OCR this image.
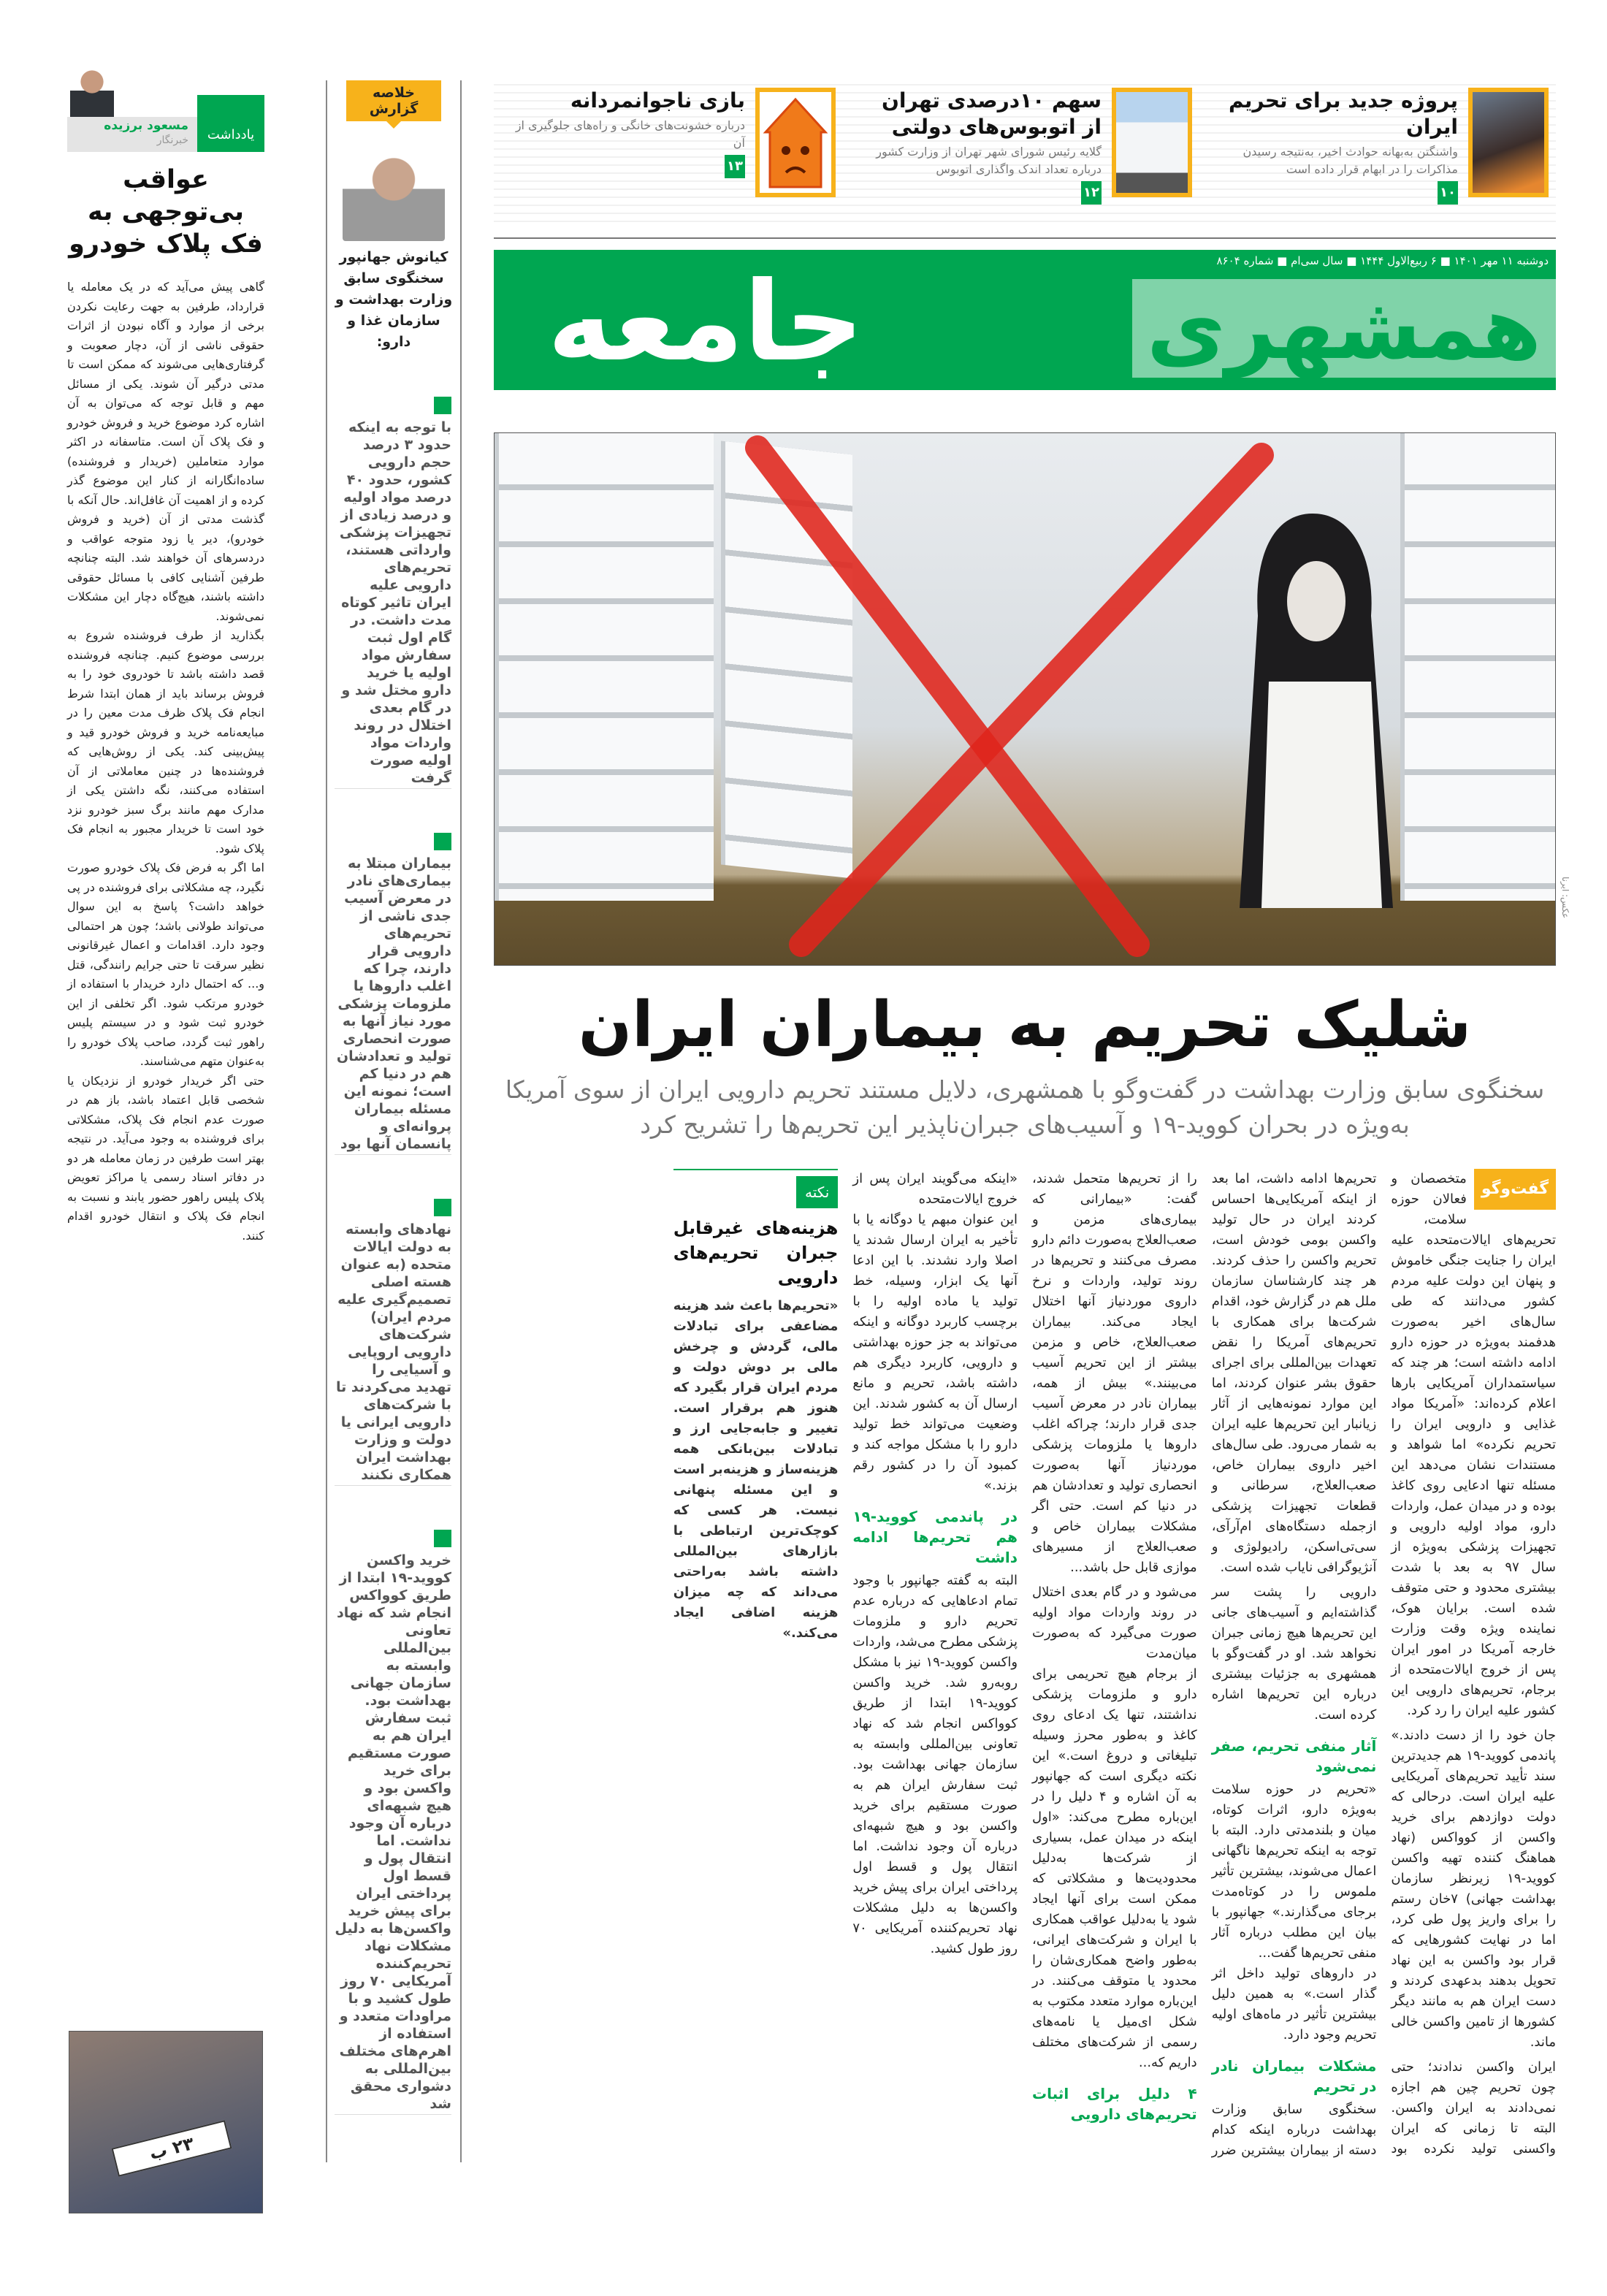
پروژه جدید برای تحریم ایران

واشنگتن به‌بهانه حوادث اخیر، به‌نتیجه رسیدن مذاکرات را در ابهام قرار داده است

۱۰
سهم ۱۰درصدی تهران از اتوبوس‌های دولتی

گلایه رئیس شورای شهر تهران از وزارت کشور درباره تعداد اندک واگذاری اتوبوس

۱۲
بازی ناجوانمردانه

درباره خشونت‌های خانگی و راه‌های جلوگیری از آن

۱۳
دوشنبه ۱۱ مهر ۱۴۰۱ ■ ۶ ربیع‌الاول ۱۴۴۴ ■ سال سی‌ام ■ شماره ۸۶۰۴
همشهری
جامعه
عکس: ایرنا
شلیک تحریم به بیماران ایران
سخنگوی سابق وزارت بهداشت در گفت‌وگو با همشهری، دلایل مستند تحریم دارویی ایران از سوی آمریکا به‌ویژه در بحران کووید-۱۹ و آسیب‌های جبران‌ناپذیر این تحریم‌ها را تشریح کرد
گفت‌وگو

متخصصان و فعالان حوزه سلامت، تحریم‌های ایالات‌متحده علیه ایران را جنایت جنگی خاموش و پنهان این دولت علیه مردم کشور می‌دانند که طی سال‌های اخیر به‌صورت هدفمند به‌ویژه در حوزه دارو ادامه داشته است؛ هر چند که سیاستمداران آمریکایی بارها اعلام کرده‌اند: «آمریکا مواد غذایی و دارویی ایران را تحریم نکرده» اما شواهد و مستندات نشان می‌دهد این مسئله تنها ادعایی روی کاغذ بوده و در میدان عمل، واردات دارو، مواد اولیه دارویی و تجهیزات پزشکی به‌ویژه از سال ۹۷ به بعد با شدت بیشتری محدود و حتی متوقف شده است. برایان هوک، نماینده ویژه وقت وزارت خارجه آمریکا در امور ایران پس از خروج ایالات‌متحده از برجام، تحریم‌های دارویی این کشور علیه ایران را رد کرد.

جان خود را از دست دادند.» پاندمی کووید-۱۹ هم جدیدترین سند تأیید تحریم‌های آمریکایی علیه ایران است. درحالی که دولت دوازدهم برای خرید واکسن از کوواکس (نهاد هماهنگ کننده تهیه واکسن کووید-۱۹ زیرنظر سازمان بهداشت جهانی) ۷خان رستم را برای واریز پول طی کرد، اما در نهایت کشورهایی که قرار بود واکسن به این نهاد تحویل بدهند بدعهدی کردند و دست ایران هم به مانند دیگر کشورها از تامین واکسن خالی ماند.

ایران واکسن ندادند؛ حتی چون تحریم چین هم اجازه نمی‌دادند به ایران واکسن. البته تا زمانی که ایران واکسنی تولید نکرده بود تحریم‌ها ادامه داشت، اما بعد از اینکه آمریکایی‌ها احساس کردند ایران در حال تولید واکسن بومی خودش است، تحریم واکسن را حذف کردند. هر چند کارشناسان سازمان ملل هم در گزارش خود، اقدام شرکت‌ها برای همکاری با تحریم‌های آمریکا را نقض تعهدات بین‌المللی برای اجرای حقوق بشر عنوان کردند، اما این موارد نمونه‌هایی از آثار زیانبار این تحریم‌ها علیه ایران به شمار می‌رود. طی سال‌های اخیر داروی بیماران خاص، صعب‌العلاج، سرطانی و قطعات تجهیزات پزشکی ازجمله دستگاه‌های ام‌آر‌آی، سی‌تی‌اسکن، رادیولوژی و آنژیوگرافی نایاب شده است.

دارویی را پشت سر گذاشته‌ایم و آسیب‌های جانی این تحریم‌ها هیچ زمانی جبران نخواهد شد. او در گفت‌وگو با همشهری به جزئیات بیشتری درباره این تحریم‌ها اشاره کرده است.

آثار منفی تحریم، صفر نمی‌شود

«تحریم در حوزه سلامت به‌ویژه دارو، اثرات کوتاه، میان و بلندمدتی دارد. البته با توجه به اینکه تحریم‌ها ناگهانی اعمال می‌شوند، بیشترین تأثیر ملموس را در کوتاه‌مدت برجای می‌گذارند.» جهانپور با بیان این مطلب درباره آثار منفی تحریم‌ها گفت...

در داروهای تولید داخل اثر گذار است.» به همین دلیل بیشترین تأثیر در ماه‌های اولیه تحریم وجود دارد.

مشکلات بیماران نادر در تحریم

سخنگوی سابق وزارت بهداشت درباره اینکه کدام دسته از بیماران بیشترین ضرر را از تحریم‌ها متحمل شدند، گفت: «بیمارانی که بیماری‌های مزمن و صعب‌العلاج به‌صورت دائم دارو مصرف می‌کنند و تحریم‌ها در روند تولید، واردات و نرخ داروی موردنیاز آنها اختلال ایجاد می‌کند. بیماران صعب‌العلاج، خاص و مزمن بیشتر از این تحریم آسیب می‌بینند.» بیش از همه، بیماران نادر در معرض آسیب جدی قرار دارند؛ چراکه اغلب داروها یا ملزومات پزشکی موردنیاز آنها به‌صورت انحصاری تولید و تعدادشان هم در دنیا کم است. حتی اگر مشکلات بیماران خاص و صعب‌العلاج از مسیرهای موازی قابل حل باشد...

می‌شود و در گام بعدی اختلال در روند واردات مواد اولیه صورت می‌گیرد که به‌صورت میان‌مدت

از برجام هیچ تحریمی برای دارو و ملزومات پزشکی نداشتند، تنها یک ادعای روی کاغذ و به‌طور محرز وسیله تبلیغاتی و دروغ است.» این نکته دیگری است که جهانپور به آن اشاره و ۴ دلیل را در این‌باره مطرح می‌کند: «اول اینکه در میدان عمل، بسیاری از شرکت‌ها به‌دلیل محدودیت‌ها و مشکلاتی که ممکن است برای آنها ایجاد شود یا به‌دلیل عواقب همکاری با ایران و شرکت‌های ایرانی، به‌طور واضح همکاری‌شان را محدود یا متوقف می‌کنند. در این‌باره موارد متعدد مکتوب به شکل ای‌میل یا نامه‌های رسمی از شرکت‌های مختلف داریم که...

۴ دلیل برای اثبات تحریم‌های دارویی

«اینکه می‌گویند ایران پس از خروج ایالات‌متحده

این عنوان مبهم یا دوگانه یا با تأخیر به ایران ارسال شدند یا اصلا وارد نشدند. با این ادعا آنها یک ابزار، وسیله، خط تولید یا ماده اولیه را با برچسب کاربرد دوگانه و اینکه می‌تواند به جز حوزه بهداشتی و دارویی، کاربرد دیگری هم داشته باشد، تحریم و مانع ارسال آن به کشور شدند. این وضعیت می‌تواند خط تولید دارو را با مشکل مواجه کند و کمبود آن را در کشور رقم بزند.»

در پاندمی کووید-۱۹ هم تحریم‌ها ادامه داشت

البته به گفته جهانپور با وجود تمام ادعاهایی که درباره عدم تحریم دارو و ملزومات پزشکی مطرح می‌شد، واردات واکسن کووید-۱۹ نیز با مشکل روبه‌رو شد. خرید واکسن کووید-۱۹ ابتدا از طریق کوواکس انجام شد که نهاد تعاونی بین‌المللی وابسته به سازمان جهانی بهداشت بود. ثبت سفارش ایران هم به صورت مستقیم برای خرید واکسن بود و هیچ شبهه‌ای درباره آن وجود نداشت. اما انتقال پول و قسط اول پرداختی ایران برای پیش خرید واکسن‌ها به دلیل مشکلات نهاد تحریم‌کننده آمریکایی ۷۰ روز طول کشید.

نکته
هزینه‌های غیرقابل جبران تحریم‌های دارویی

«تحریم‌ها باعث شد هزینه مضاعفی برای تبادلات مالی، گردش و چرخش مالی بر دوش دولت و مردم ایران قرار بگیرد که هنوز هم برقرار است. تغییر و جابه‌جایی ارز و تبادلات بین‌بانکی همه هزینه‌ساز و هزینه‌بر است و این مسئله پنهانی نیست. هر کسی که کوچک‌ترین ارتباطی با بازارهای بین‌المللی داشته باشد به‌راحتی می‌داند که چه میزان هزینه اضافی ایجاد می‌کند.»

خلاصه گزارش
کیانوش جهانپور سخنگوی سابق وزارت بهداشت و سازمان غذا و دارو:
با توجه به اینکه حدود ۳ درصد حجم دارویی کشور، حدود ۴۰ درصد مواد اولیه و درصد زیادی از تجهیزات پزشکی وارداتی هستند، تحریم‌های دارویی علیه ایران تاثیر کوتاه مدت داشت. در گام اول ثبت سفارش مواد اولیه یا خرید دارو مختل شد و در گام بعدی اختلال در روند واردات مواد اولیه صورت گرفت
بیماران مبتلا به بیماری‌های نادر در معرض آسیب جدی ناشی از تحریم‌های دارویی قرار دارند، چرا که اغلب داروها یا ملزومات پزشکی مورد نیاز آنها به صورت انحصاری تولید و تعدادشان هم در دنیا کم است؛ نمونه این مسئله بیماران پروانه‌ای و پانسمان آنها بود
نهادهای وابسته به دولت ایالات متحده (به عنوان هسته اصلی تصمیم‌گیری علیه مردم ایران) شرکت‌های دارویی اروپایی و آسیایی را تهدید می‌کردند تا با شرکت‌های دارویی ایرانی یا دولت و وزارت بهداشت ایران همکاری نکنند
خرید واکسن کووید-۱۹ ابتدا از طریق کوواکس انجام شد که نهاد تعاونی بین‌المللی وابسته به سازمان جهانی بهداشت بود. ثبت سفارش ایران هم به صورت مستقیم برای خرید واکسن بود و هیچ شبهه‌ای درباره آن وجود نداشت. اما انتقال پول و قسط اول پرداختی ایران برای پیش خرید واکسن‌ها به دلیل مشکلات نهاد تحریم‌کننده آمریکایی ۷۰ روز طول کشید و با مراودات متعدد و استفاده از اهرم‌های مختلف بین‌المللی به دشواری محقق شد
یادداشت
مسعود برزیده
خبرنگار
عواقب بی‌توجهی به فک پلاک خودرو

گاهی پیش می‌آید که در یک معامله یا قرارداد، طرفین به جهت رعایت نکردن برخی از موارد و آگاه نبودن از اثرات حقوقی ناشی از آن، دچار صعوبت و گرفتاری‌هایی می‌شوند که ممکن است تا مدتی درگیر آن شوند. یکی از مسائل مهم و قابل توجه که می‌توان به آن اشاره کرد موضوع خرید و فروش خودرو و فک پلاک آن است. متاسفانه در اکثر موارد متعاملین (خریدار و فروشنده) ساده‌انگارانه از کنار این موضوع گذر کرده و از اهمیت آن غافل‌اند. حال آنکه با گذشت مدتی از آن (خرید و فروش خودرو)، دیر یا زود متوجه عواقب و دردسرهای آن خواهند شد. البته چنانچه طرفین آشنایی کافی با مسائل حقوقی داشته باشند، هیچ‌گاه دچار این مشکلات نمی‌شوند.

بگذارید از طرف فروشنده شروع به بررسی موضوع کنیم. چنانچه فروشنده قصد داشته باشد تا خودروی خود را به فروش برساند باید از همان ابتدا شرط انجام فک پلاک ظرف مدت معین را در مبایعه‌نامه خرید و فروش خودرو قید و پیش‌بینی کند. یکی از روش‌هایی که فروشنده‌ها در چنین معاملاتی از آن استفاده می‌کنند، نگه داشتن یکی از مدارک مهم مانند برگ سبز خودرو نزد خود است تا خریدار مجبور به انجام فک پلاک شود.

اما اگر به فرض فک پلاک خودرو صورت نگیرد، چه مشکلاتی برای فروشنده در پی خواهد داشت؟ پاسخ به این سوال می‌تواند طولانی باشد؛ چون هر احتمالی وجود دارد. اقدامات و اعمال غیرقانونی نظیر سرقت تا حتی جرایم رانندگی، قتل و... که احتمال دارد خریدار با استفاده از خودرو مرتکب شود. اگر تخلفی از این خودرو ثبت شود و در سیستم پلیس راهور ثبت گردد، صاحب پلاک خودرو را به‌عنوان متهم می‌شناسند.

حتی اگر خریدار خودرو از نزدیکان یا شخصی قابل اعتماد باشد، باز هم در صورت عدم انجام فک پلاک، مشکلاتی برای فروشنده به وجود می‌آید. در نتیجه بهتر است طرفین در زمان معامله هر دو در دفاتر اسناد رسمی یا مراکز تعویض پلاک پلیس راهور حضور یابند و نسبت به انجام فک پلاک و انتقال خودرو اقدام کنند.

۲۳ ب
